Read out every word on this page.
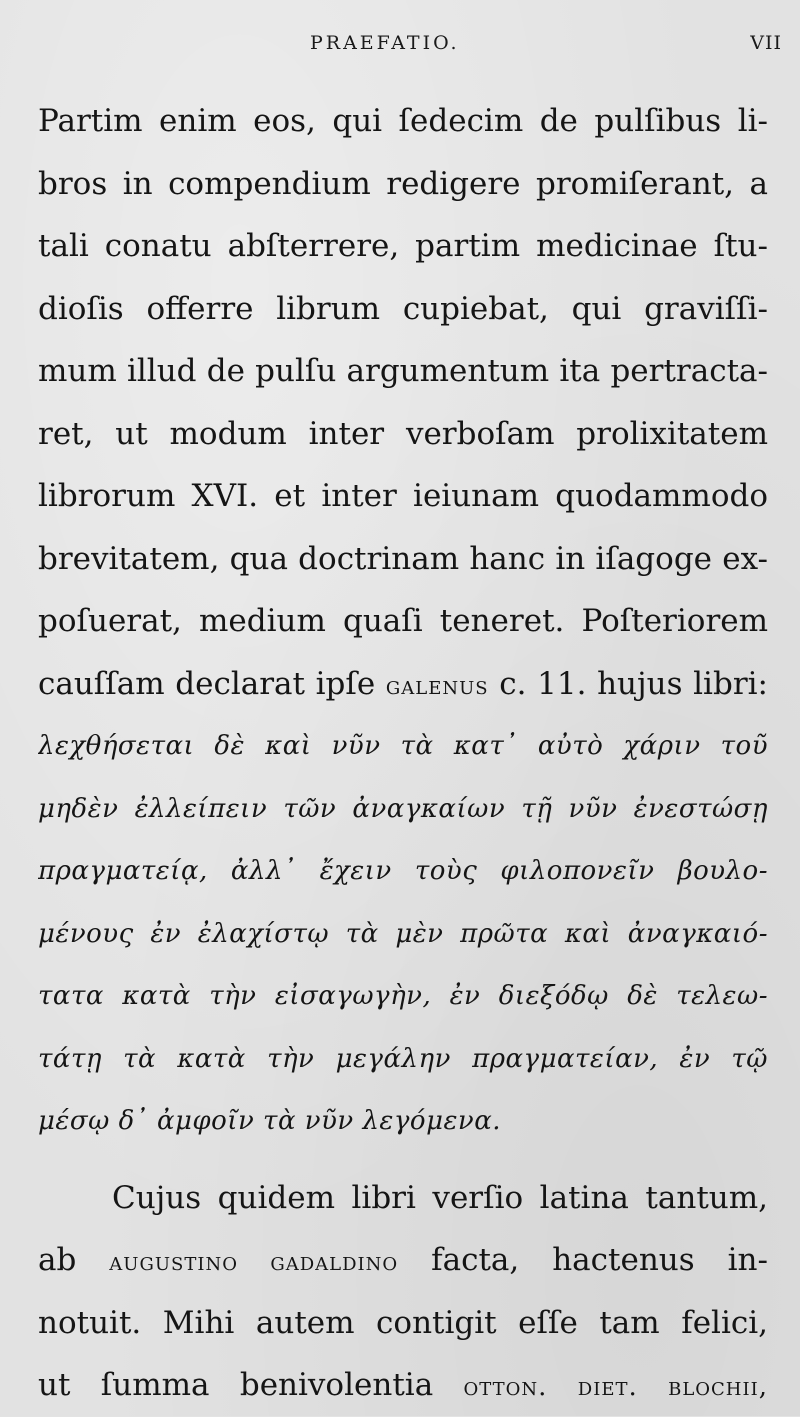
PRAEFATIO.	VII
Partim enim eos, qui ſedecim de pulſibus li-
bros in compendium redigere promiſerant, a
tali conatu abſterrere, partim medicinae ſtu-
dioſis offerre librum cupiebat, qui graviſſi-
mum illud de pulſu argumentum ita pertracta-
ret, ut modum inter verboſam prolixitatem
librorum XVI. et inter ieiunam quodammodo
brevitatem, qua doctrinam hanc in iſagoge ex-
poſuerat, medium quaſi teneret. Poſteriorem
cauſſam declarat ipſe galenus c. 11. hujus libri:
λεχθήσεται δὲ καὶ νῦν τὰ κατ᾽ αὐτὸ χάριν τοῦ
μηδὲν ἐλλείπειν τῶν ἀναγκαίων τῇ νῦν ἐνεστώσῃ
πραγματείᾳ, ἀλλ᾽ ἔχειν τοὺς φιλοπονεῖν βουλο-
μένους ἐν ἐλαχίστῳ τὰ μὲν πρῶτα καὶ ἀναγκαιό-
τατα κατὰ τὴν εἰσαγωγὴν, ἐν διεξόδῳ δὲ τελεω-
τάτῃ τὰ κατὰ τὴν μεγάλην πραγματείαν, ἐν τῷ
μέσῳ δ᾽ ἀμφοῖν τὰ νῦν λεγόμενα.
Cujus quidem libri verſio latina tantum,
ab augustino gadaldino facta, hactenus in-
notuit. Mihi autem contigit eſſe tam felici,
ut ſumma benivolentia otton. diet. blochii,
